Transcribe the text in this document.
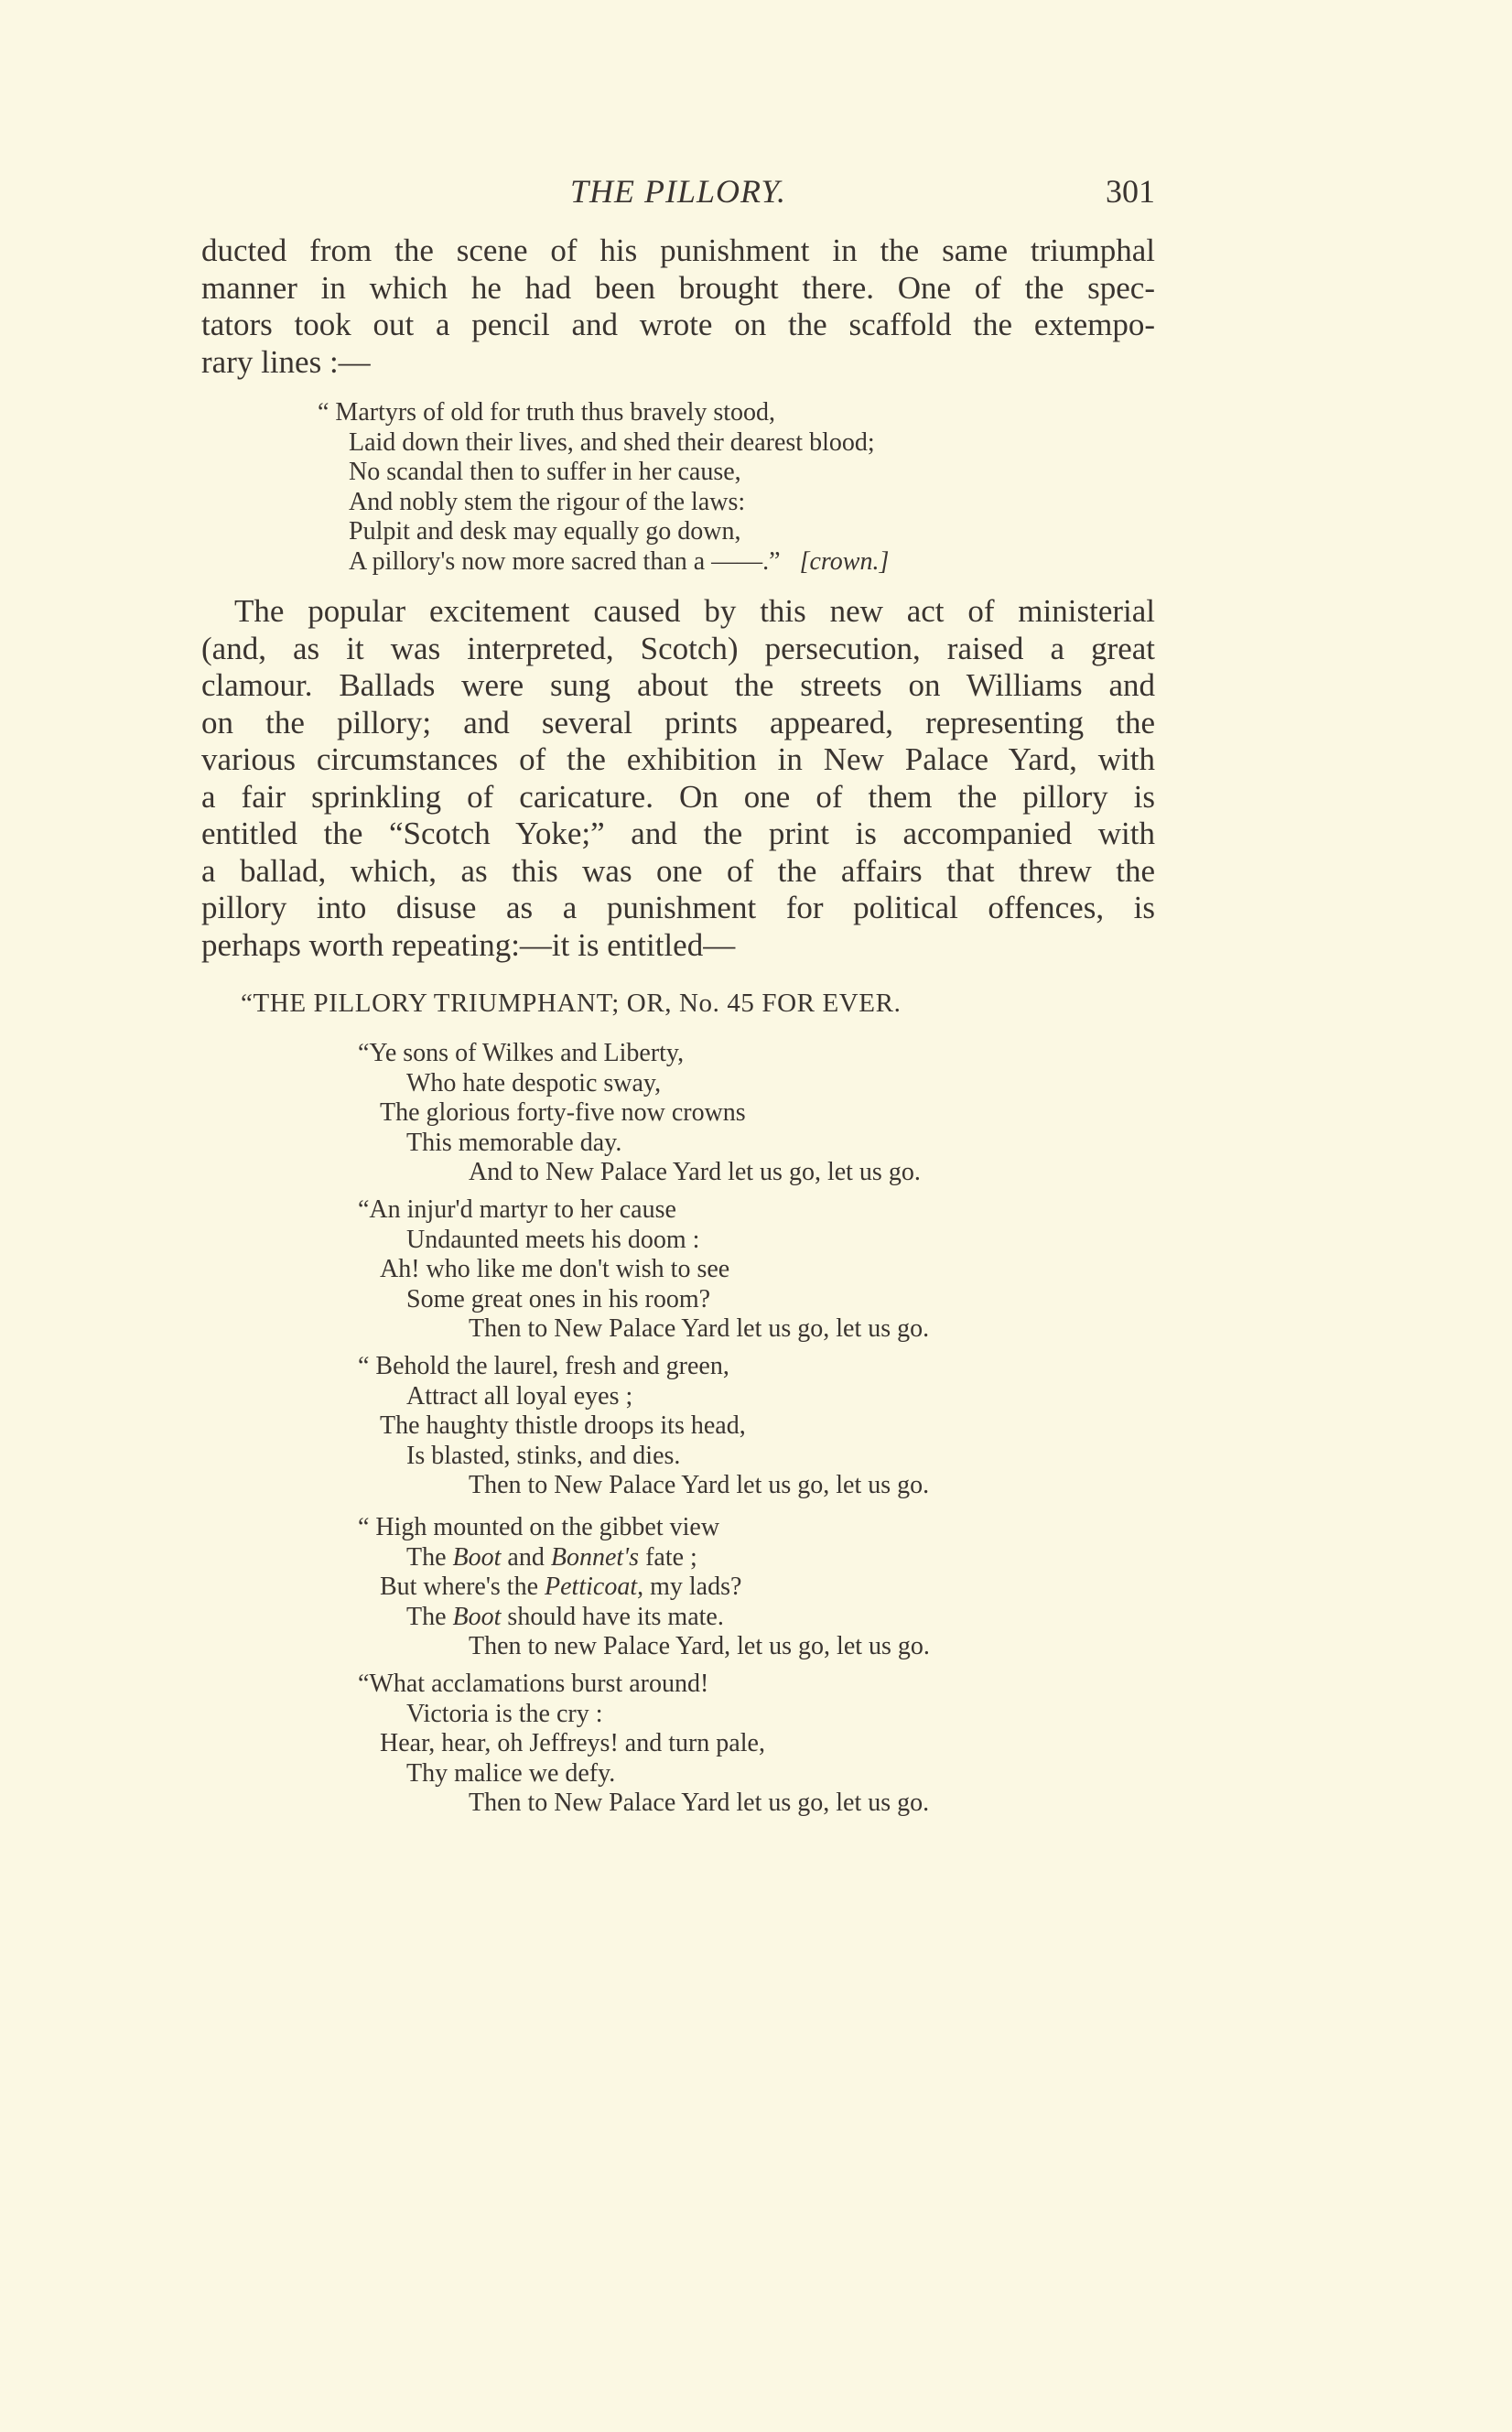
THE PILLORY.	301
ducted from the scene of his punishment in the same triumphal
manner in which he had been brought there. One of the spec-
tators took out a pencil and wrote on the scaffold the extempo-
rary lines :—
“ Martyrs of old for truth thus bravely stood,
Laid down their lives, and shed their dearest blood;
No scandal then to suffer in her cause,
And nobly stem the rigour of the laws:
Pulpit and desk may equally go down,
A pillory's now more sacred than a ——.” [crown.]
The popular excitement caused by this new act of ministerial
(and, as it was interpreted, Scotch) persecution, raised a great
clamour. Ballads were sung about the streets on Williams and
on the pillory; and several prints appeared, representing the
various circumstances of the exhibition in New Palace Yard, with
a fair sprinkling of caricature. On one of them the pillory is
entitled the “Scotch Yoke;” and the print is accompanied with
a ballad, which, as this was one of the affairs that threw the
pillory into disuse as a punishment for political offences, is
perhaps worth repeating:—it is entitled—
“THE PILLORY TRIUMPHANT; OR, No. 45 FOR EVER.
“Ye sons of Wilkes and Liberty,
Who hate despotic sway,
The glorious forty-five now crowns
This memorable day.
And to New Palace Yard let us go, let us go.
“An injur'd martyr to her cause
Undaunted meets his doom :
Ah! who like me don't wish to see
Some great ones in his room?
Then to New Palace Yard let us go, let us go.
“ Behold the laurel, fresh and green,
Attract all loyal eyes ;
The haughty thistle droops its head,
Is blasted, stinks, and dies.
Then to New Palace Yard let us go, let us go.
“ High mounted on the gibbet view
The Boot and Bonnet's fate ;
But where's the Petticoat, my lads?
The Boot should have its mate.
Then to new Palace Yard, let us go, let us go.
“What acclamations burst around!
Victoria is the cry :
Hear, hear, oh Jeffreys! and turn pale,
Thy malice we defy.
Then to New Palace Yard let us go, let us go.
